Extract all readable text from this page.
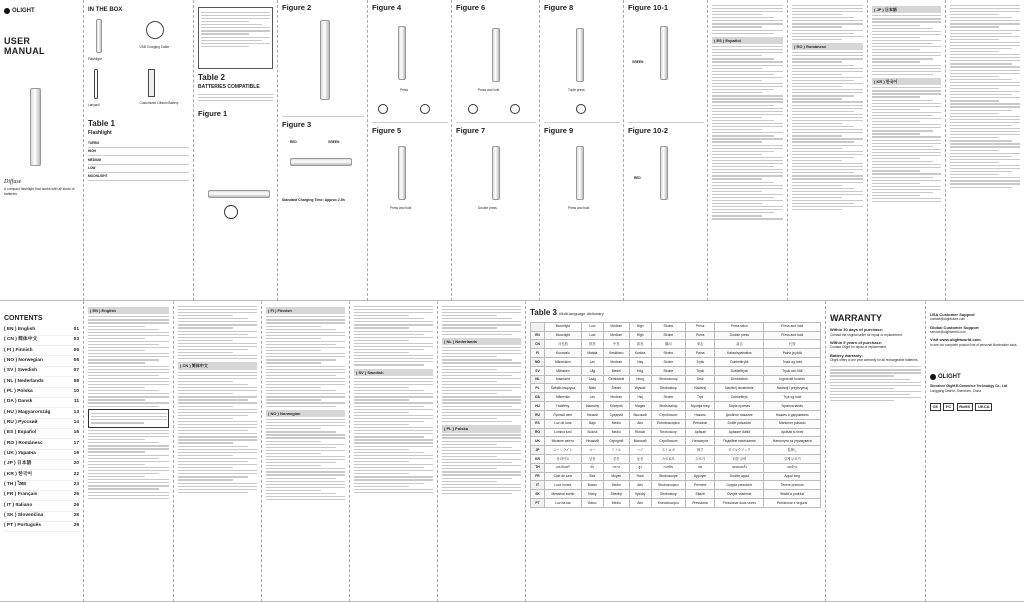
OLIGHT
USER
MANUAL
Diffuse
A compact flashlight that works with all kinds of batteries
IN THE BOX
Flashlight
USB Charging Cable
Lanyard	Customized Lithium Battery
Table 1
Flashlight
TURBO
HIGH
MEDIUM
LOW
MOONLIGHT
Table 2
BATTERIES COMPATIBLE
Figure 1
Figure 2
Figure 3
RED	GREEN
Standard Charging Time: Approx 2.5h
Figure 4
Press
Figure 5
Press and hold
Figure 6
Press and hold
Figure 7
Double press
Figure 8
Triple press
Figure 9
Press and hold
Figure 10-1
GREEN
Figure 10-2
RED
( ES ) Español
( RO ) Românesc
( JP ) 日本語
( KR ) 한국어
CONTENTS
( EN ) English	01
( CN ) 简体中文	03
( FI ) Finnish	05
( NO ) Norwegian	06
( SV ) Swedish	07
( NL ) Nederlands	08
( PL ) Polska	10
( DA ) Dansk	11
( HU ) Magyarország	13
( RU ) Русский	14
( ES ) Español	16
( RO ) Românesc	17
( UK ) Україна	19
( JP ) 日本語	20
( KR ) 한국어	22
( TH ) ไทย	23
( FR ) Français	25
( IT ) Italiano	26
( SK ) Slovenčina	28
( PT ) Português	29
( EN ) English
( CN ) 简体中文
( FI ) Finnish
( NO ) Norwegian
( SV ) Swedish
( NL ) Nederlands
( PL ) Polska
Table 3 Multi-language dictionary
	Moonlight	Low	Medium	High	Strobe	Press	Press twice	Press and hold
EN	Moonlight	Low	Medium	High	Strobe	Press	Double press	Press and hold
CN	月光档	低亮	中亮	高亮	爆闪	单击	双击	长按
FI	Kuunvalo	Matala	Keskitaso	Korkea	Strobo	Paina	Kaksoispainallus	Paina ja pidä
NO	Måneskinn	Lav	Medium	Høy	Strobe	Trykk	Dobbelttrykk	Trykk og hold
SV	Månsken	Låg	Medel	Hög	Strobe	Tryck	Dubbeltryck	Tryck och håll
NL	Maanlicht	Laag	Gemiddeld	Hoog	Stroboscoop	Druk	Dubbeldruk	Ingedrukt houden
PL	Światło księżyca	Niski	Średni	Wysoki	Stroboskop	Naciśnij	Naciśnij dwukrotnie	Naciśnij i przytrzymaj
DA	Måneskin	Lav	Medium	Høj	Strobe	Tryk	Dobbelttryk	Tryk og hold
HU	Holdfény	Alacsony	Közepes	Magas	Stroboszkóp	Nyomja meg	Dupla nyomás	Nyomva tartás
RU	Лунный свет	Низкий	Средний	Высокий	Стробоскоп	Нажать	Двойное нажатие	Нажать и удерживать
ES	Luz de luna	Bajo	Medio	Alto	Estroboscópico	Presionar	Doble pulsación	Mantener pulsado
RO	Lumina lunii	Scăzut	Mediu	Ridicat	Stroboscop	Apăsați	Apăsare dublă	Apăsați și țineți
UK	Місячне світло	Низький	Середній	Високий	Стробоскоп	Натиснути	Подвійне натискання	Натиснути та утримувати
JP	ムーンライト	ロー	ミドル	ハイ	ストロボ	押す	ダブルクリック	長押し
KR	문라이트	낮음	중간	높음	스트로브	누르기	더블 클릭	길게 누르기
TH	แสงจันทร์	ต่ำ	กลาง	สูง	กะพริบ	กด	กดสองครั้ง	กดค้าง
FR	Clair de lune	Bas	Moyen	Haut	Stroboscope	Appuyer	Double appui	Appui long
IT	Luce lunare	Basso	Medio	Alto	Stroboscopico	Premere	Doppia pressione	Tenere premuto
SK	Mesačné svetlo	Nízky	Stredný	Vysoký	Stroboskop	Stlačiť	Dvojité stlačenie	Stlačiť a podržať
PT	Luz da lua	Baixo	Médio	Alto	Estroboscópio	Pressionar	Pressionar duas vezes	Pressionar e segurar
WARRANTY
Within 30 days of purchase:
Contact the original seller for repair or replacement.
Within 5 years of purchase:
Contact Olight for repair or replacement.
Battery warranty:
Olight offers a one year warranty for all rechargeable batteries.
USA Customer Support
contact@olightstore.com
Global Customer Support
service@olightworld.com
Visit www.olightworld.com
to see our complete product line of personal illumination tools.
OLIGHT
Shenzhen Olight E-Commerce Technology Co., Ltd
Longgang District, Shenzhen, China
CE FC RoHS UKCA
